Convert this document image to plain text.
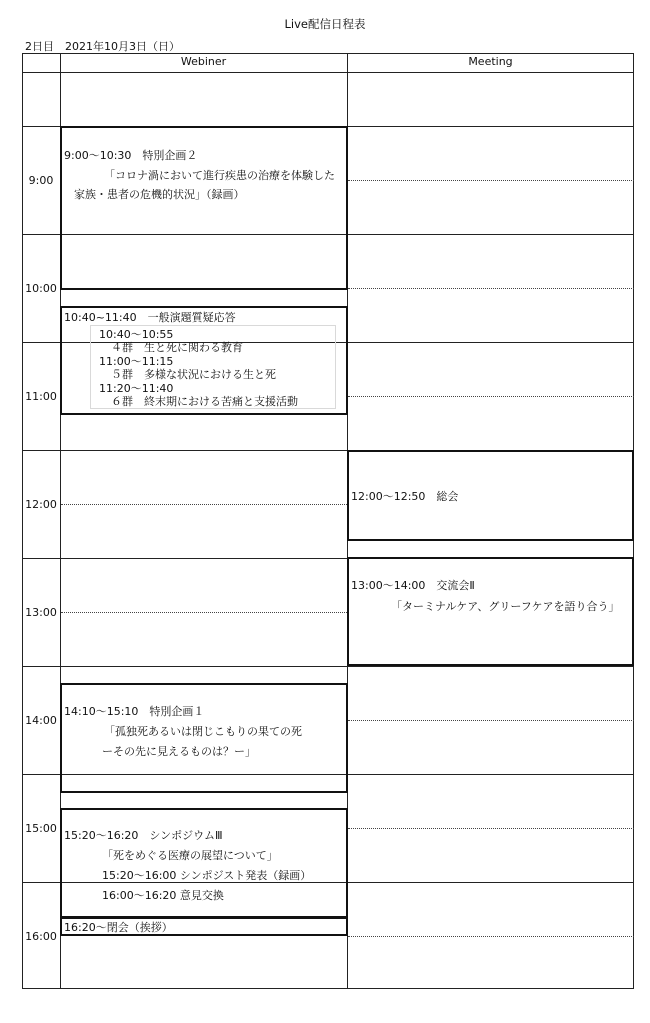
Live配信日程表
2日目　2021年10月3日（日）
Webiner	Meeting
9:00
10:00
11:00
12:00
13:00
14:00
15:00
16:00
9:00〜10:30　特別企画２
「コロナ渦において進行疾患の治療を体験した
家族・患者の危機的状況」（録画）
10:40~11:40　一般演題質疑応答
10:40〜10:55
４群　生と死に関わる教育
11:00〜11:15
５群　多様な状況における生と死
11:20〜11:40
６群　終末期における苦痛と支援活動
14:10〜15:10　特別企画１
「孤独死あるいは閉じこもりの果ての死
ーその先に見えるものは？ー」
15:20〜16:20　シンポジウムⅢ
「死をめぐる医療の展望について」
15:20〜16:00 シンポジスト発表（録画）
16:00〜16:20 意見交換
16:20〜閉会（挨拶）
12:00〜12:50　総会
13:00〜14:00　交流会Ⅱ
「ターミナルケア、グリーフケアを語り合う」
